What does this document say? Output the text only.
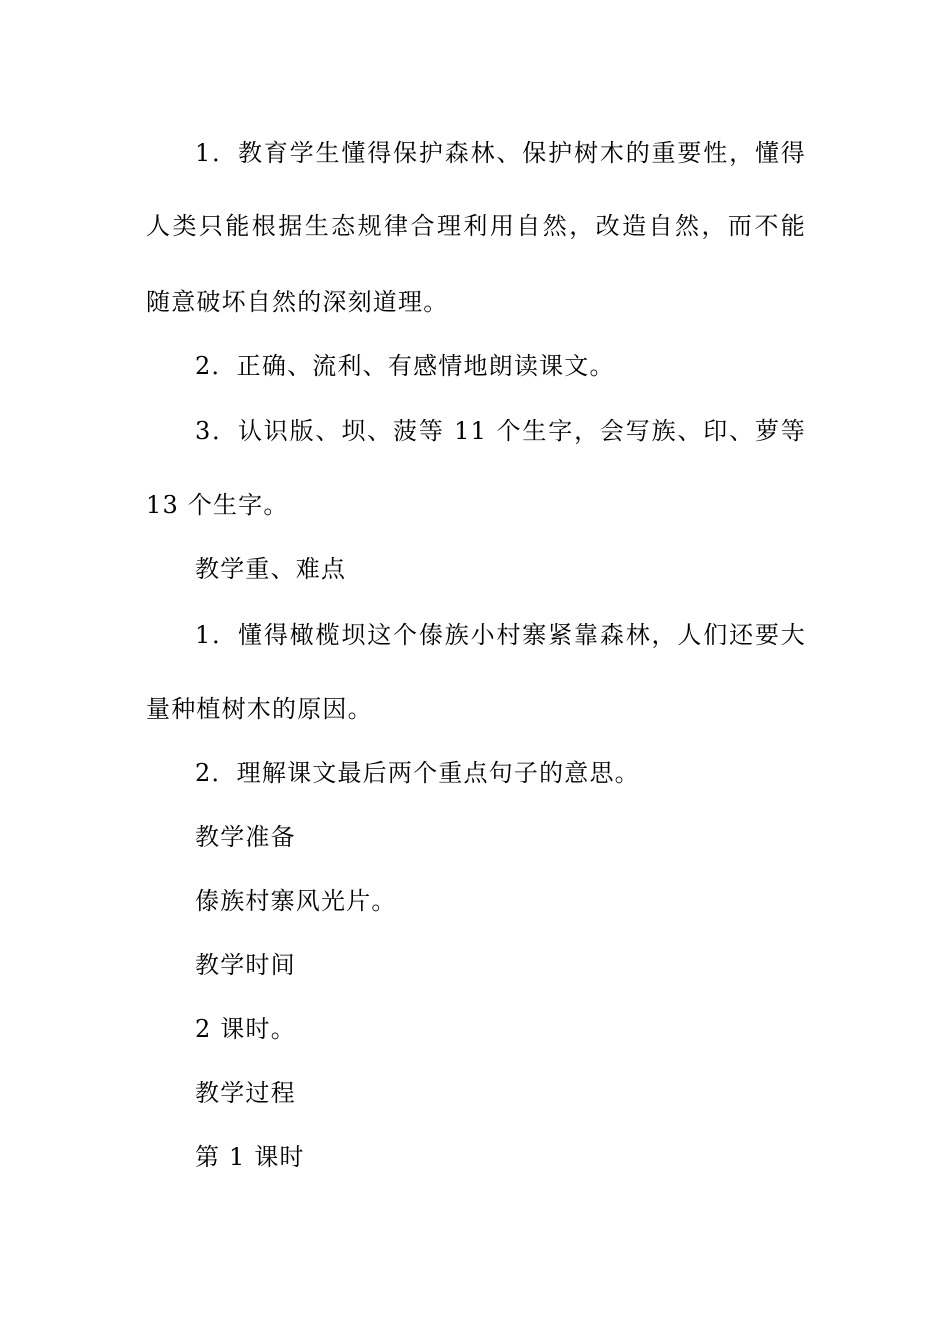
1．教育学生懂得保护森林、保护树木的重要性，懂得
人类只能根据生态规律合理利用自然，改造自然，而不能
随意破坏自然的深刻道理。
2．正确、流利、有感情地朗读课文。
3．认识版、坝、菠等 11 个生字，会写族、印、萝等
13 个生字。
教学重、难点
1．懂得橄榄坝这个傣族小村寨紧靠森林，人们还要大
量种植树木的原因。
2．理解课文最后两个重点句子的意思。
教学准备
傣族村寨风光片。
教学时间
2 课时。
教学过程
第 1 课时
